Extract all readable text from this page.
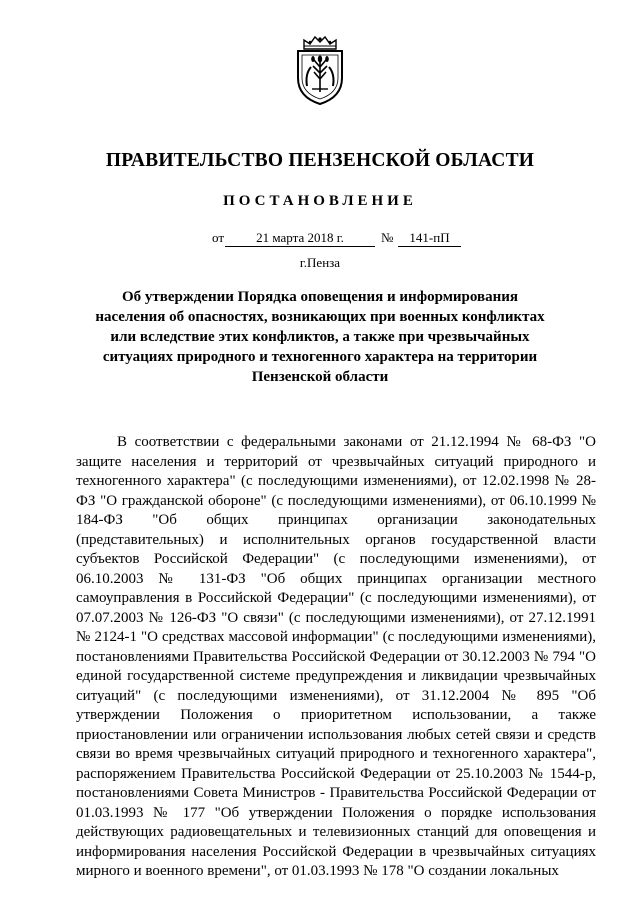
ПРАВИТЕЛЬСТВО ПЕНЗЕНСКОЙ ОБЛАСТИ
ПОСТАНОВЛЕНИЕ
от	21 марта 2018 г.	№	141-пП
г.Пенза
Об утверждении Порядка оповещения и информирования населения об опасностях, возникающих при военных конфликтах или вследствие этих конфликтов, а также при чрезвычайных ситуациях природного и техногенного характера на территории Пензенской области

В соответствии с федеральными законами от 21.12.1994 № 68-ФЗ "О защите населения и территорий от чрезвычайных ситуаций природного и техногенного характера" (с последующими изменениями), от 12.02.1998 № 28-ФЗ "О гражданской обороне" (с последующими изменениями), от 06.10.1999 № 184-ФЗ "Об общих принципах организации законодательных (представительных) и исполнительных органов государственной власти субъектов Российской Федерации" (с последующими изменениями), от 06.10.2003 № 131-ФЗ "Об общих принципах организации местного самоуправления в Российской Федерации" (с последующими изменениями), от 07.07.2003 № 126-ФЗ "О связи" (с последующими изменениями), от 27.12.1991 № 2124-1 "О средствах массовой информации" (с последующими изменениями), постановлениями Правительства Российской Федерации от 30.12.2003 № 794 "О единой государственной системе предупреждения и ликвидации чрезвычайных ситуаций" (с последующими изменениями), от 31.12.2004 № 895 "Об утверждении Положения о приоритетном использовании, а также приостановлении или ограничении использования любых сетей связи и средств связи во время чрезвычайных ситуаций природного и техногенного характера", распоряжением Правительства Российской Федерации от 25.10.2003 № 1544-р, постановлениями Совета Министров - Правительства Российской Федерации от 01.03.1993 № 177 "Об утверждении Положения о порядке использования действующих радиовещательных и телевизионных станций для оповещения и информирования населения Российской Федерации в чрезвычайных ситуациях мирного и военного времени", от 01.03.1993 № 178 "О создании локальных
